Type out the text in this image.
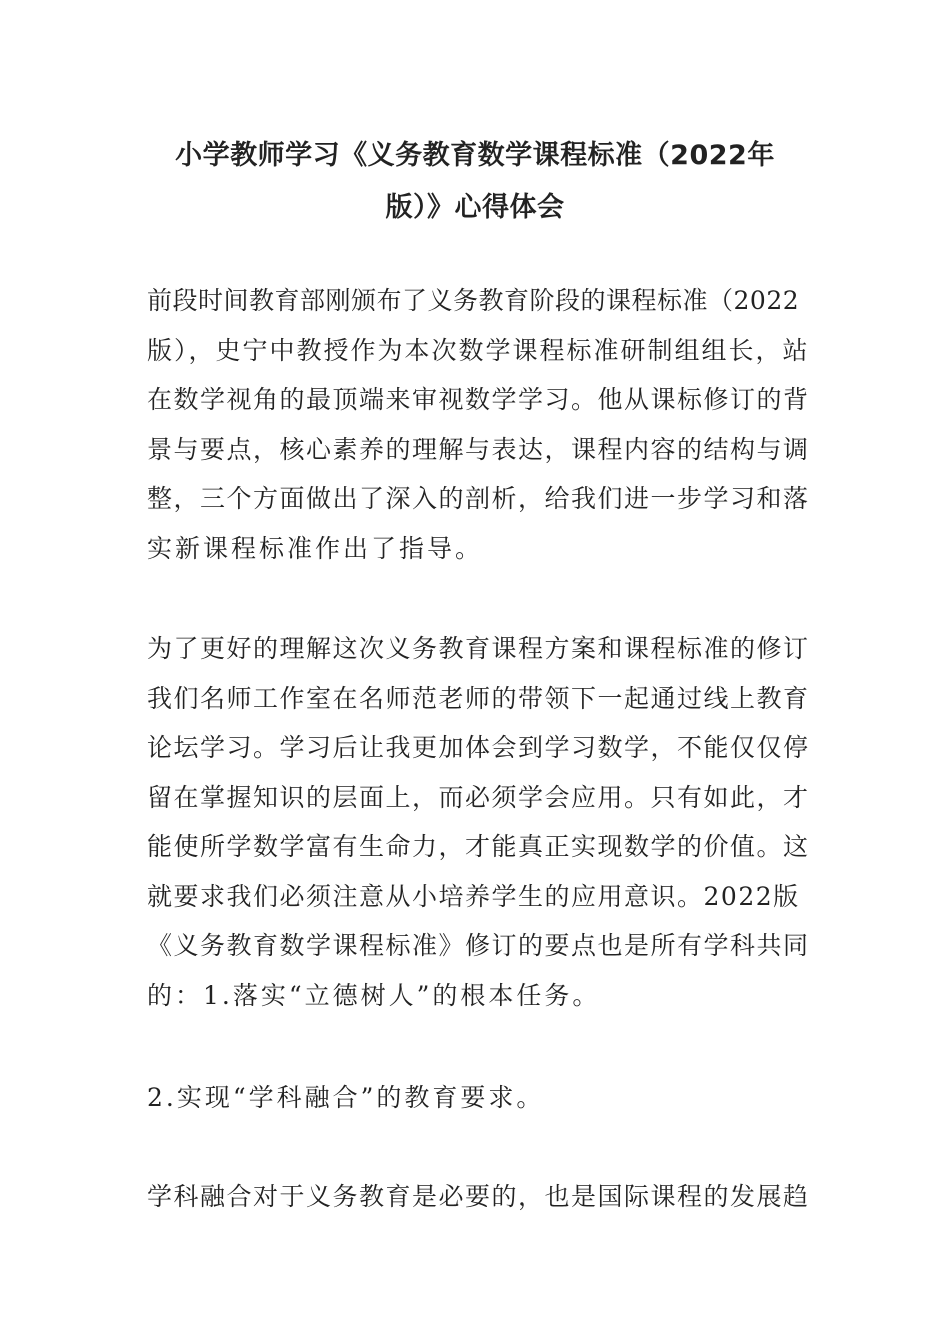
小学教师学习《义务教育数学课程标准（2022年
版）》心得体会
前段时间教育部刚颁布了义务教育阶段的课程标准（2022
版），史宁中教授作为本次数学课程标准研制组组长，站
在数学视角的最顶端来审视数学学习。他从课标修订的背
景与要点，核心素养的理解与表达，课程内容的结构与调
整，三个方面做出了深入的剖析，给我们进一步学习和落
实新课程标准作出了指导。
为了更好的理解这次义务教育课程方案和课程标准的修订
我们名师工作室在名师范老师的带领下一起通过线上教育
论坛学习。学习后让我更加体会到学习数学，不能仅仅停
留在掌握知识的层面上，而必须学会应用。只有如此，才
能使所学数学富有生命力，才能真正实现数学的价值。这
就要求我们必须注意从小培养学生的应用意识。2022版
《义务教育数学课程标准》修订的要点也是所有学科共同
的：1.落实“立德树人”的根本任务。
2.实现“学科融合”的教育要求。
学科融合对于义务教育是必要的，也是国际课程的发展趋
